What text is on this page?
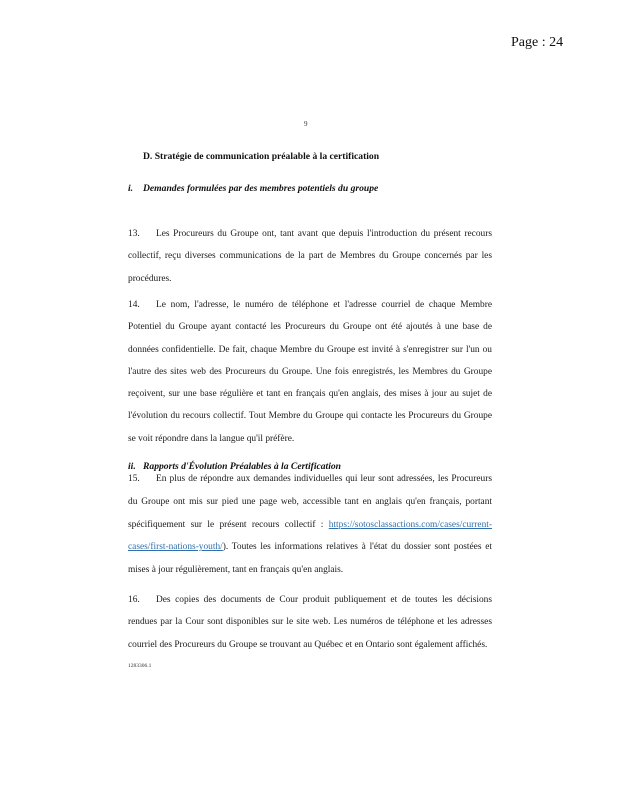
Page : 24
9
D. Stratégie de communication préalable à la certification
i. Demandes formulées par des membres potentiels du groupe
13. Les Procureurs du Groupe ont, tant avant que depuis l'introduction du présent recours collectif, reçu diverses communications de la part de Membres du Groupe concernés par les procédures.
14. Le nom, l'adresse, le numéro de téléphone et l'adresse courriel de chaque Membre Potentiel du Groupe ayant contacté les Procureurs du Groupe ont été ajoutés à une base de données confidentielle. De fait, chaque Membre du Groupe est invité à s'enregistrer sur l'un ou l'autre des sites web des Procureurs du Groupe. Une fois enregistrés, les Membres du Groupe reçoivent, sur une base régulière et tant en français qu'en anglais, des mises à jour au sujet de l'évolution du recours collectif. Tout Membre du Groupe qui contacte les Procureurs du Groupe se voit répondre dans la langue qu'il préfère.
ii. Rapports d'Évolution Préalables à la Certification
15. En plus de répondre aux demandes individuelles qui leur sont adressées, les Procureurs du Groupe ont mis sur pied une page web, accessible tant en anglais qu'en français, portant spécifiquement sur le présent recours collectif : https://sotosclassactions.com/cases/current-cases/first-nations-youth/). Toutes les informations relatives à l'état du dossier sont postées et mises à jour régulièrement, tant en français qu'en anglais.
16. Des copies des documents de Cour produit publiquement et de toutes les décisions rendues par la Cour sont disponibles sur le site web. Les numéros de téléphone et les adresses courriel des Procureurs du Groupe se trouvant au Québec et en Ontario sont également affichés.
1283306.1
